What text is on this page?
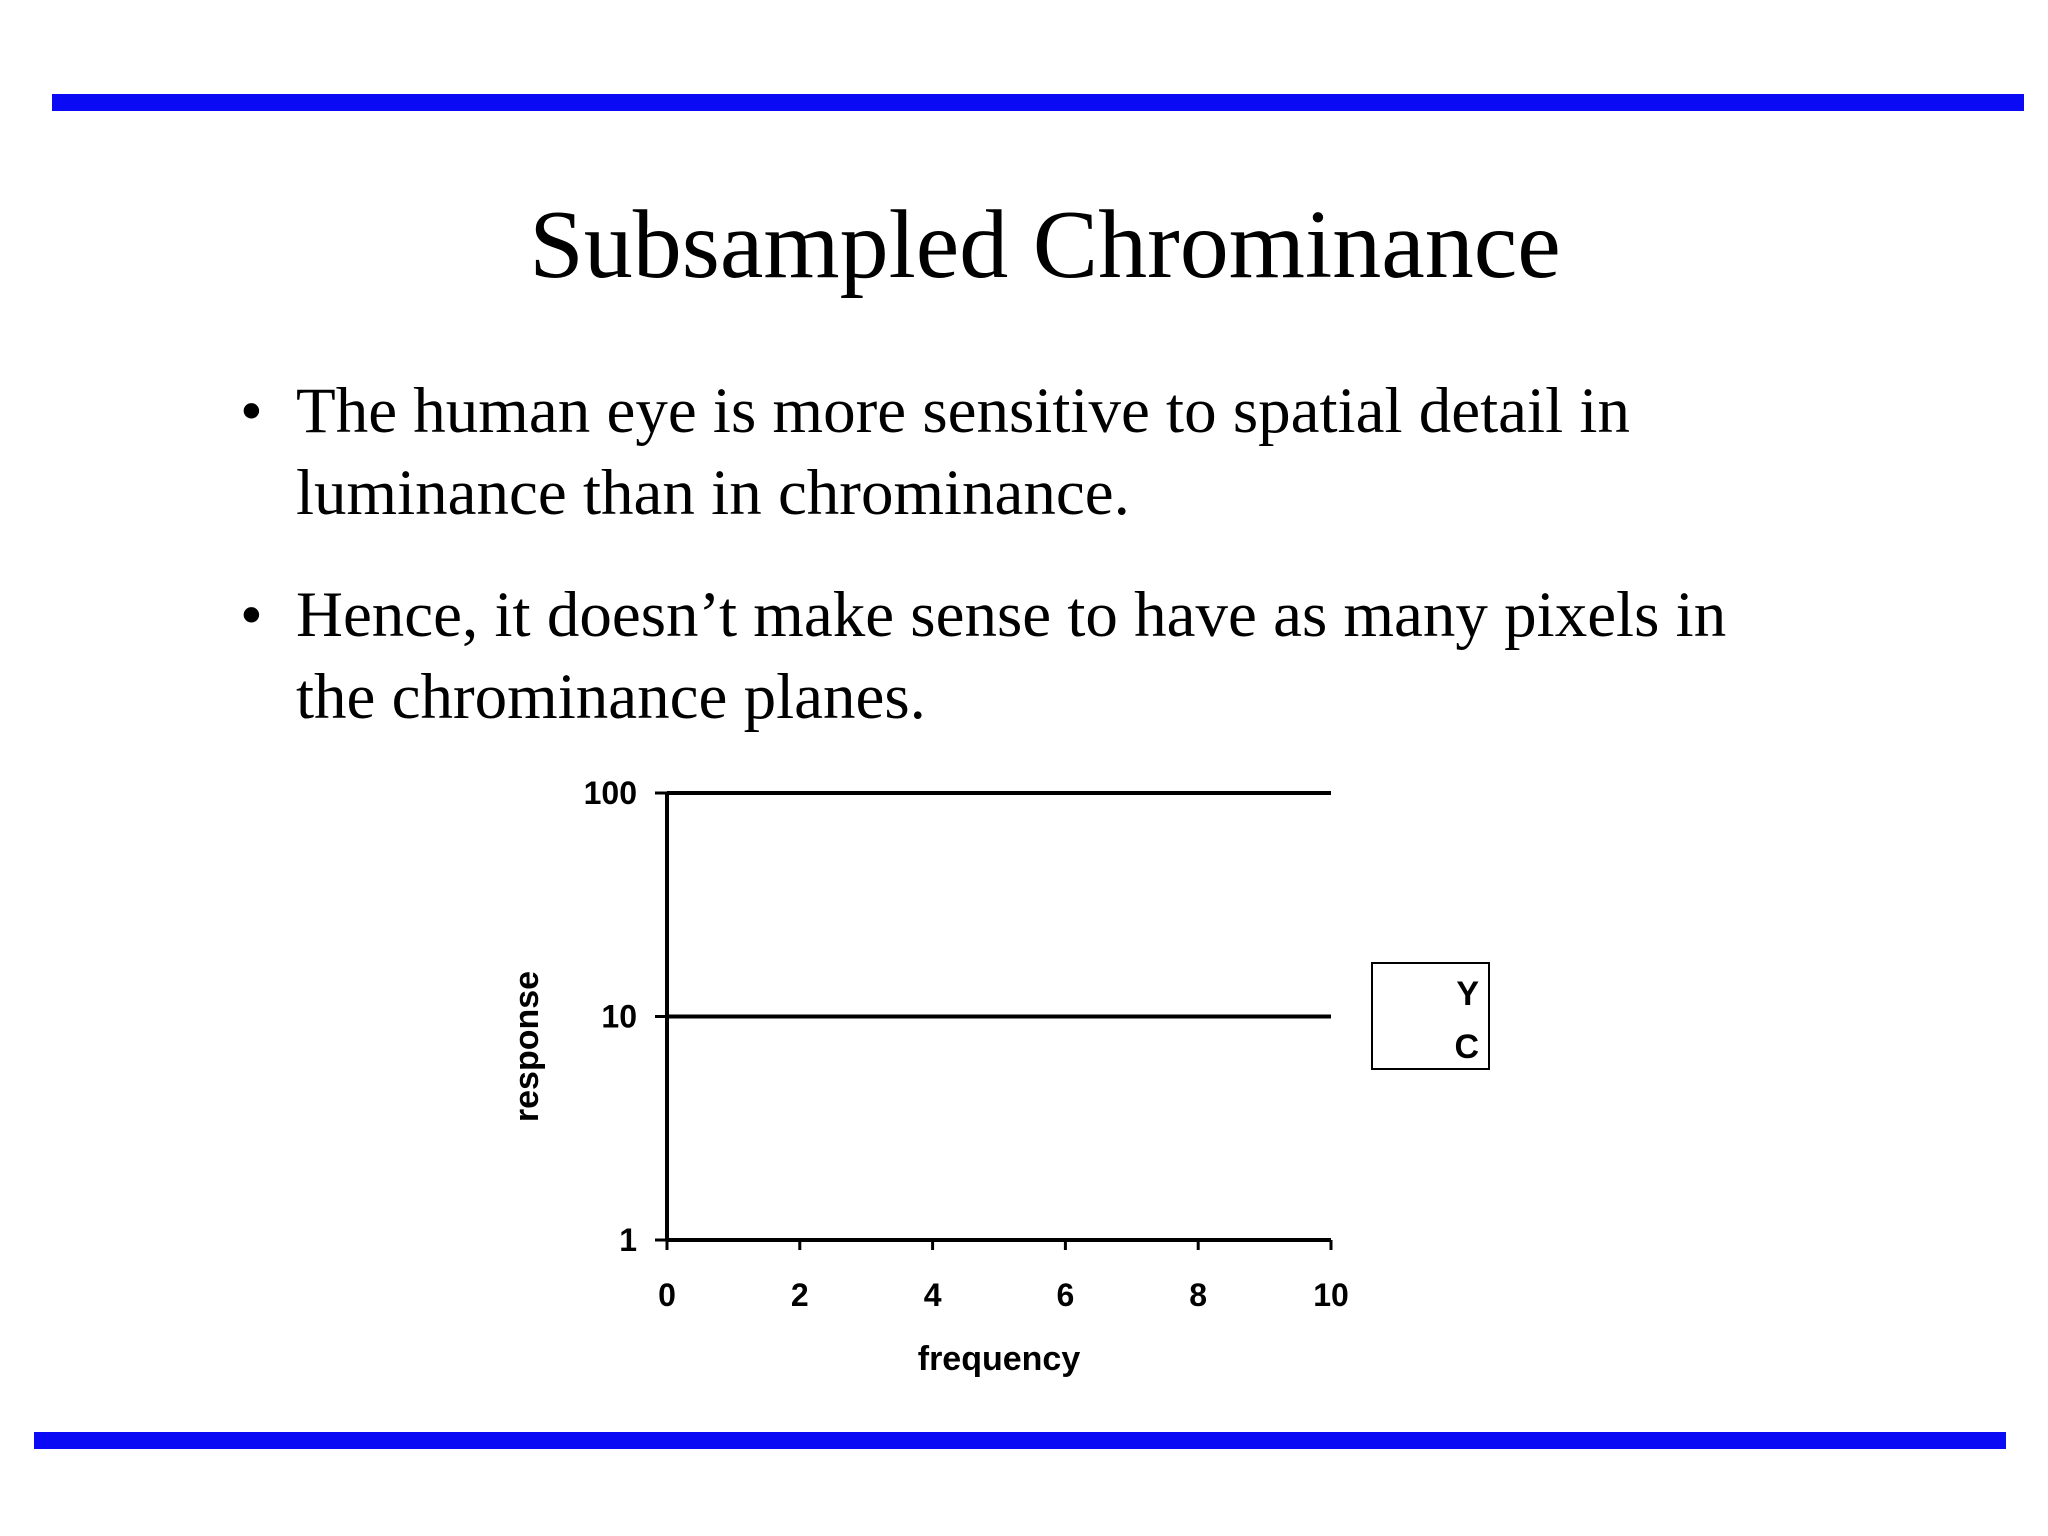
Subsampled Chrominance
• The human eye is more sensitive to spatial detail in luminance than in chrominance.
• Hence, it doesn’t make sense to have as many pixels in the chrominance planes.
0	2	4	6	8	10
1
10
100
frequency
response	Y
C
